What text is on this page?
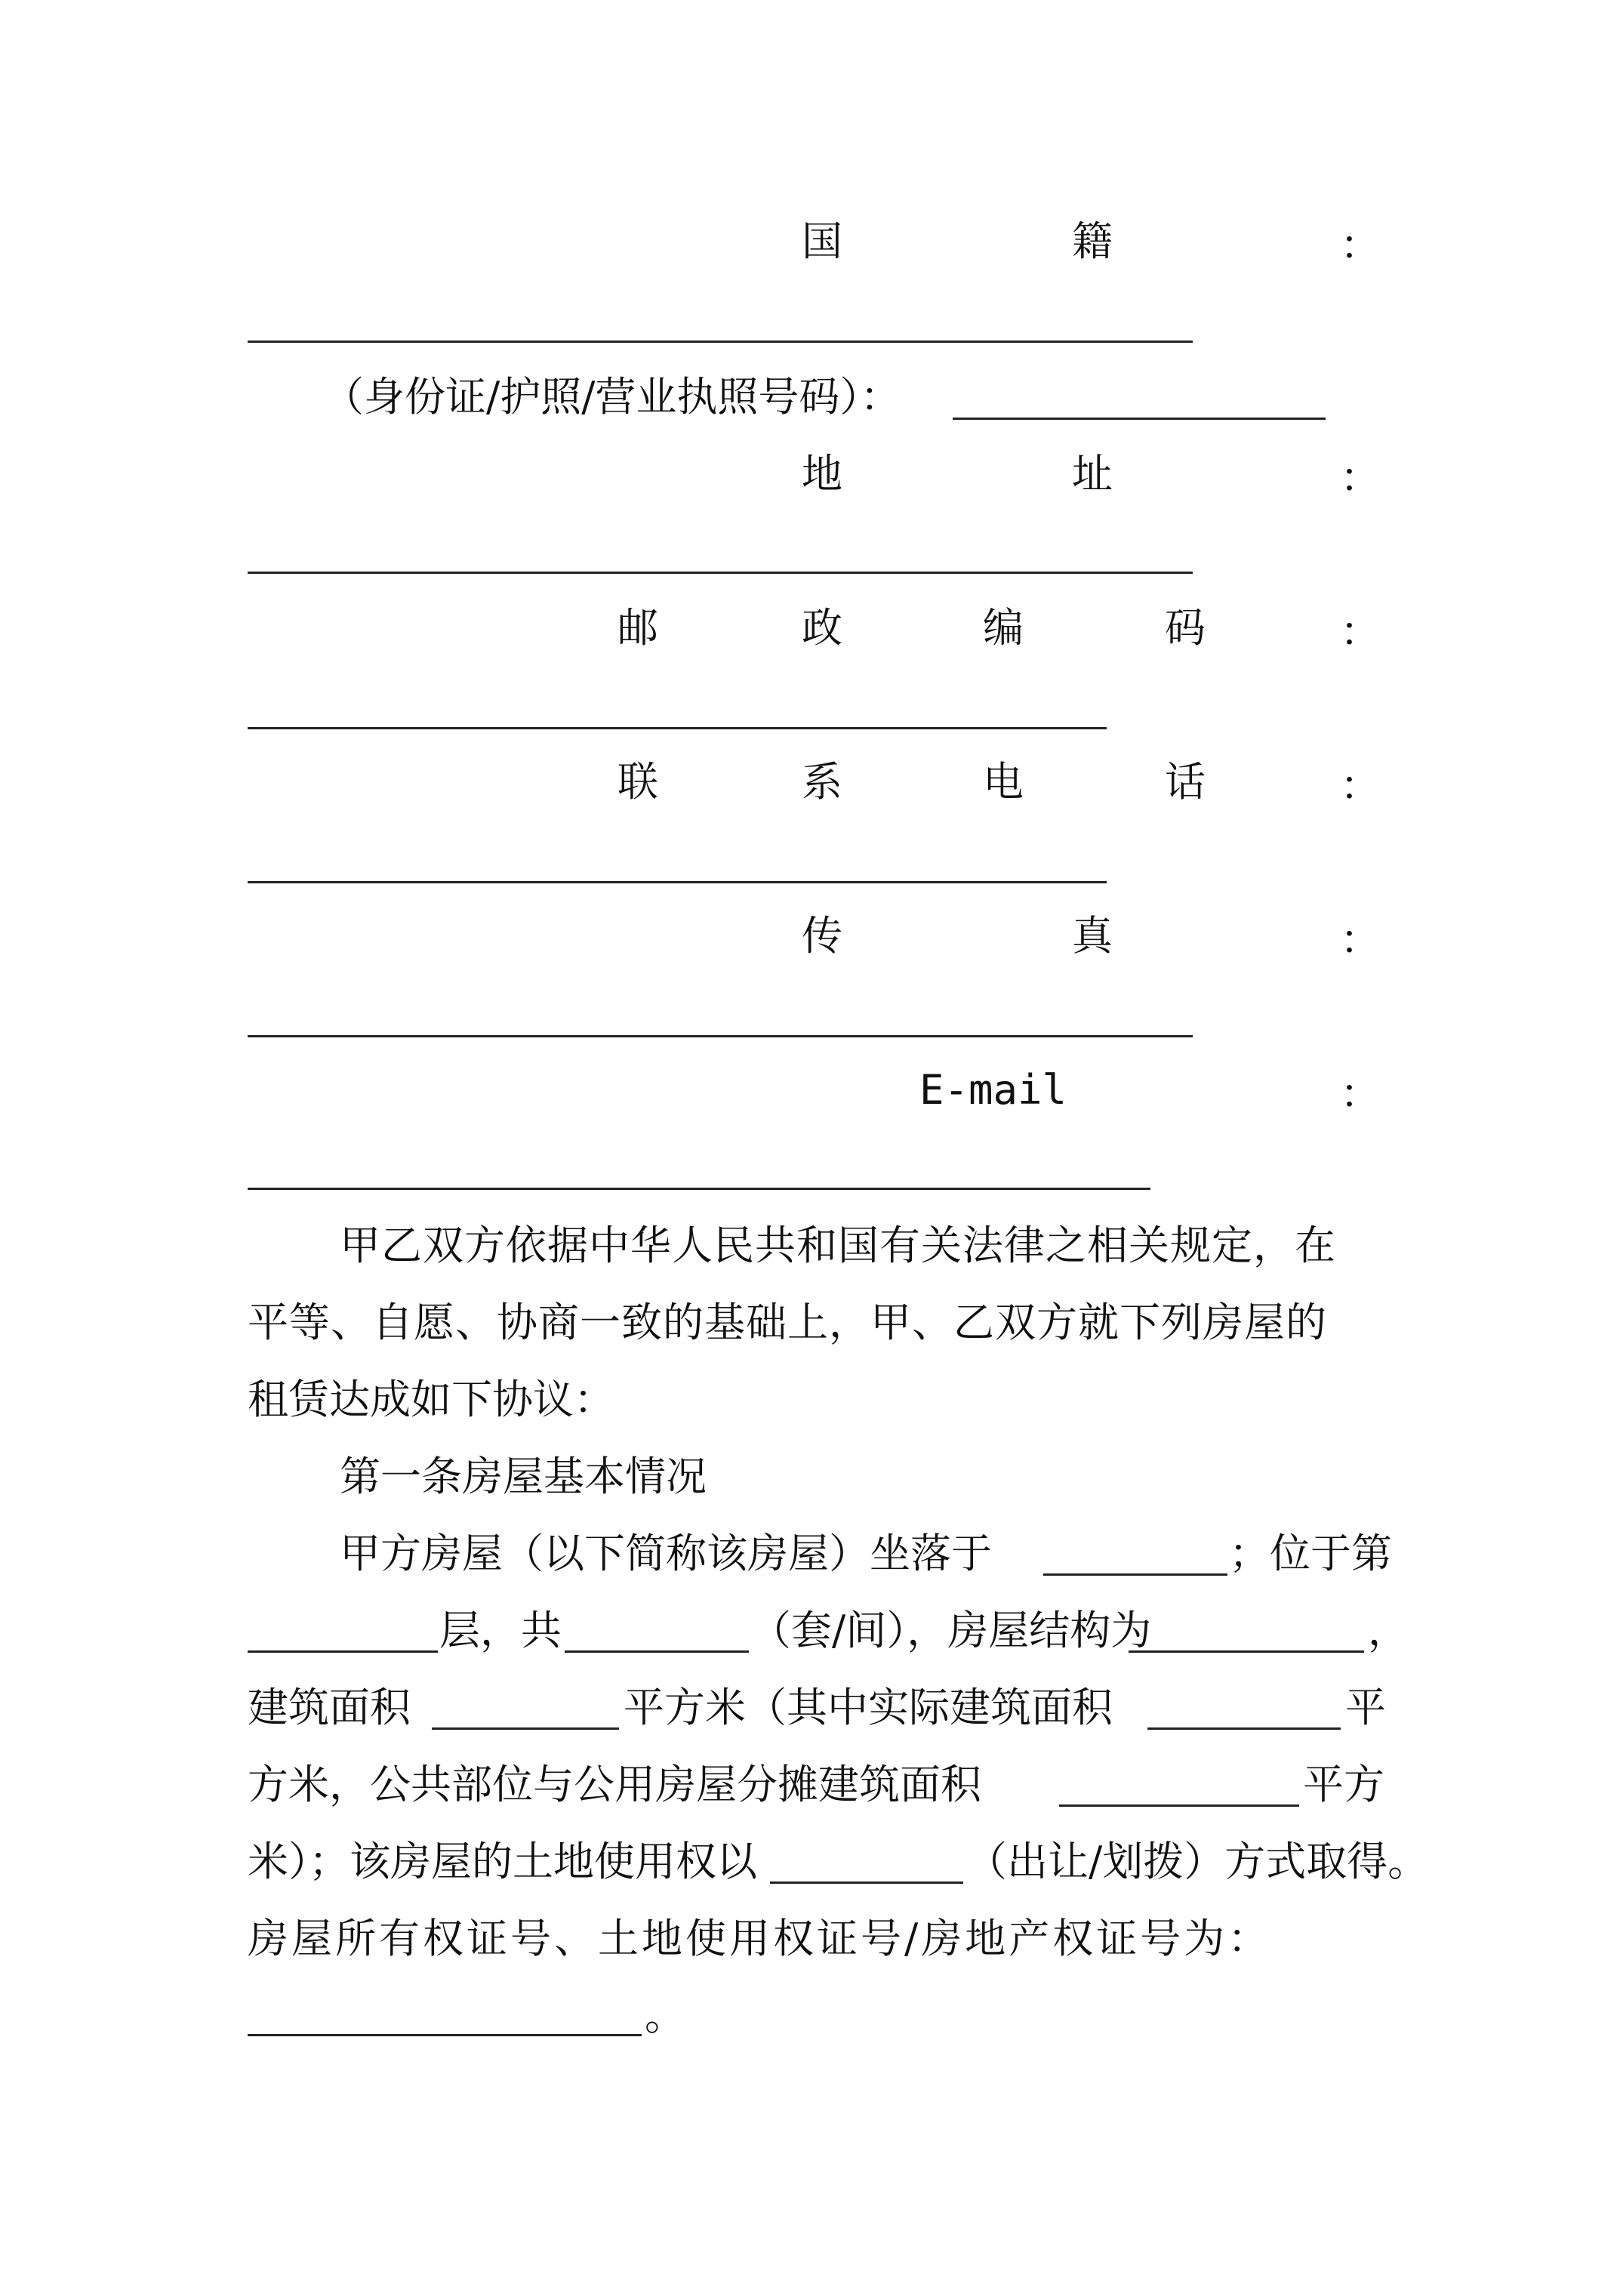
国	籍	：
（身份证/护照/营业执照号码）：
地	址	：
邮	政	编	码	：
联	系	电	话	：
传	真	：
E-mail	：
甲乙双方依据中华人民共和国有关法律之相关规定，在
平等、自愿、协商一致的基础上，甲、乙双方就下列房屋的
租赁达成如下协议：
第一条房屋基本情况
甲方房屋（以下简称该房屋）坐落于	；位于第
层，共	（套/间），房屋结构为	，
建筑面积	平方米（其中实际建筑面积	平
方米，公共部位与公用房屋分摊建筑面积	平方
米）；该房屋的土地使用权以	（出让/划拨）方式取得。
房屋所有权证号、土地使用权证号/房地产权证号为：
。
